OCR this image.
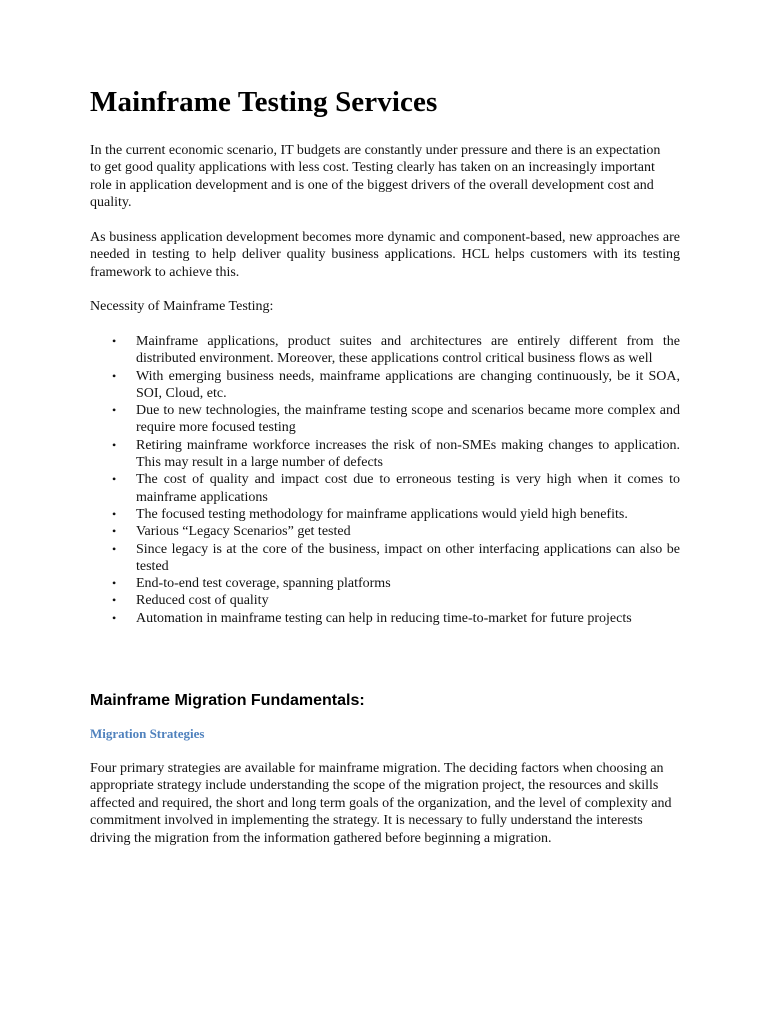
Mainframe Testing Services

In the current economic scenario, IT budgets are constantly under pressure and there is an expectation to get good quality applications with less cost. Testing clearly has taken on an increasingly important role in application development and is one of the biggest drivers of the overall development cost and quality.

As business application development becomes more dynamic and component-based, new approaches are needed in testing to help deliver quality business applications. HCL helps customers with its testing framework to achieve this.

Necessity of Mainframe Testing:

• Mainframe applications, product suites and architectures are entirely different from the distributed environment. Moreover, these applications control critical business flows as well
• With emerging business needs, mainframe applications are changing continuously, be it SOA, SOI, Cloud, etc.
• Due to new technologies, the mainframe testing scope and scenarios became more complex and require more focused testing
• Retiring mainframe workforce increases the risk of non-SMEs making changes to application. This may result in a large number of defects
• The cost of quality and impact cost due to erroneous testing is very high when it comes to mainframe applications
• The focused testing methodology for mainframe applications would yield high benefits.
• Various “Legacy Scenarios” get tested
• Since legacy is at the core of the business, impact on other interfacing applications can also be tested
• End-to-end test coverage, spanning platforms
• Reduced cost of quality
• Automation in mainframe testing can help in reducing time-to-market for future projects
Mainframe Migration Fundamentals:
Migration Strategies

Four primary strategies are available for mainframe migration. The deciding factors when choosing an appropriate strategy include understanding the scope of the migration project, the resources and skills affected and required, the short and long term goals of the organization, and the level of complexity and commitment involved in implementing the strategy. It is necessary to fully understand the interests driving the migration from the information gathered before beginning a migration.
